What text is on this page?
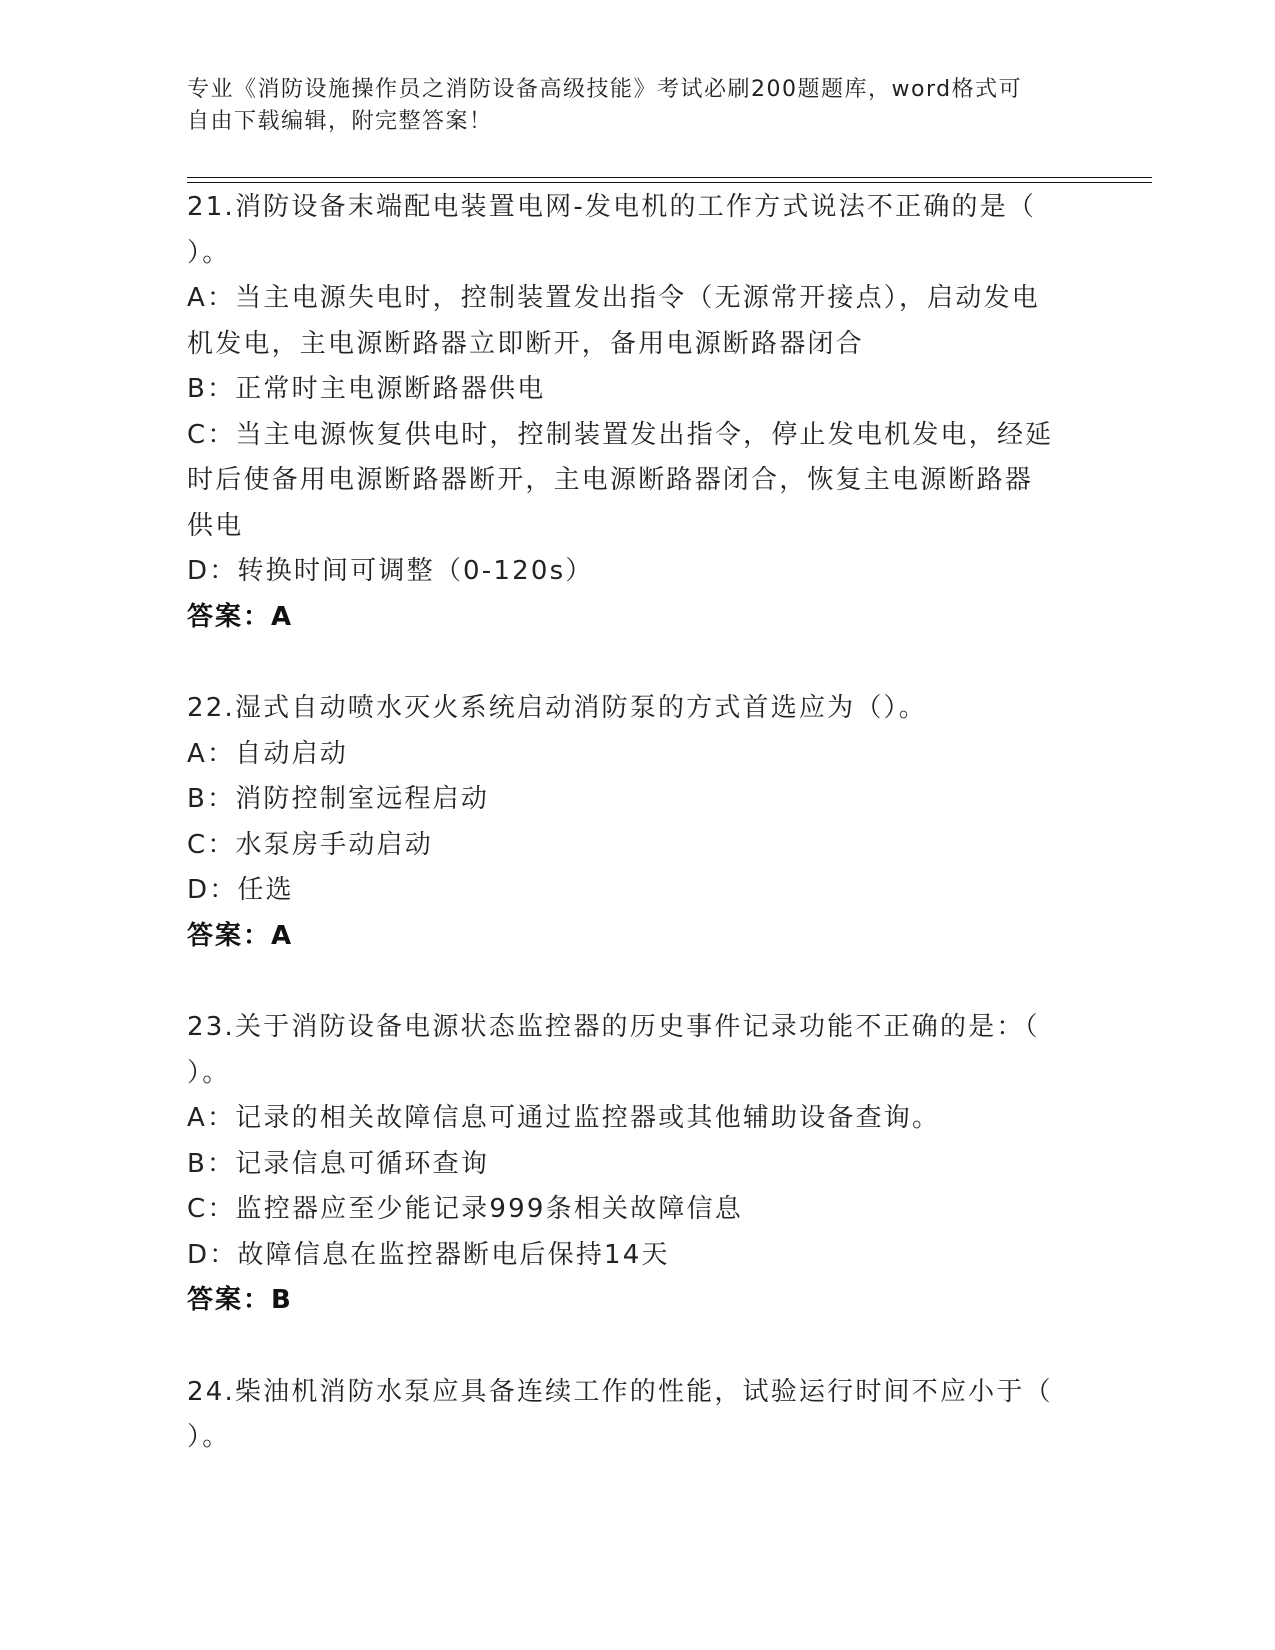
专业《消防设施操作员之消防设备高级技能》考试必刷200题题库，word格式可
自由下载编辑，附完整答案！
21.消防设备末端配电装置电网-发电机的工作方式说法不正确的是（
）。
A：当主电源失电时，控制装置发出指令（无源常开接点），启动发电
机发电，主电源断路器立即断开，备用电源断路器闭合
B：正常时主电源断路器供电
C：当主电源恢复供电时，控制装置发出指令，停止发电机发电，经延
时后使备用电源断路器断开，主电源断路器闭合，恢复主电源断路器
供电
D：转换时间可调整（0-120s）
答案：A
22.湿式自动喷水灭火系统启动消防泵的方式首选应为（）。
A：自动启动
B：消防控制室远程启动
C：水泵房手动启动
D：任选
答案：A
23.关于消防设备电源状态监控器的历史事件记录功能不正确的是：（
）。
A：记录的相关故障信息可通过监控器或其他辅助设备查询。
B：记录信息可循环查询
C：监控器应至少能记录999条相关故障信息
D：故障信息在监控器断电后保持14天
答案：B
24.柴油机消防水泵应具备连续工作的性能，试验运行时间不应小于（
）。
